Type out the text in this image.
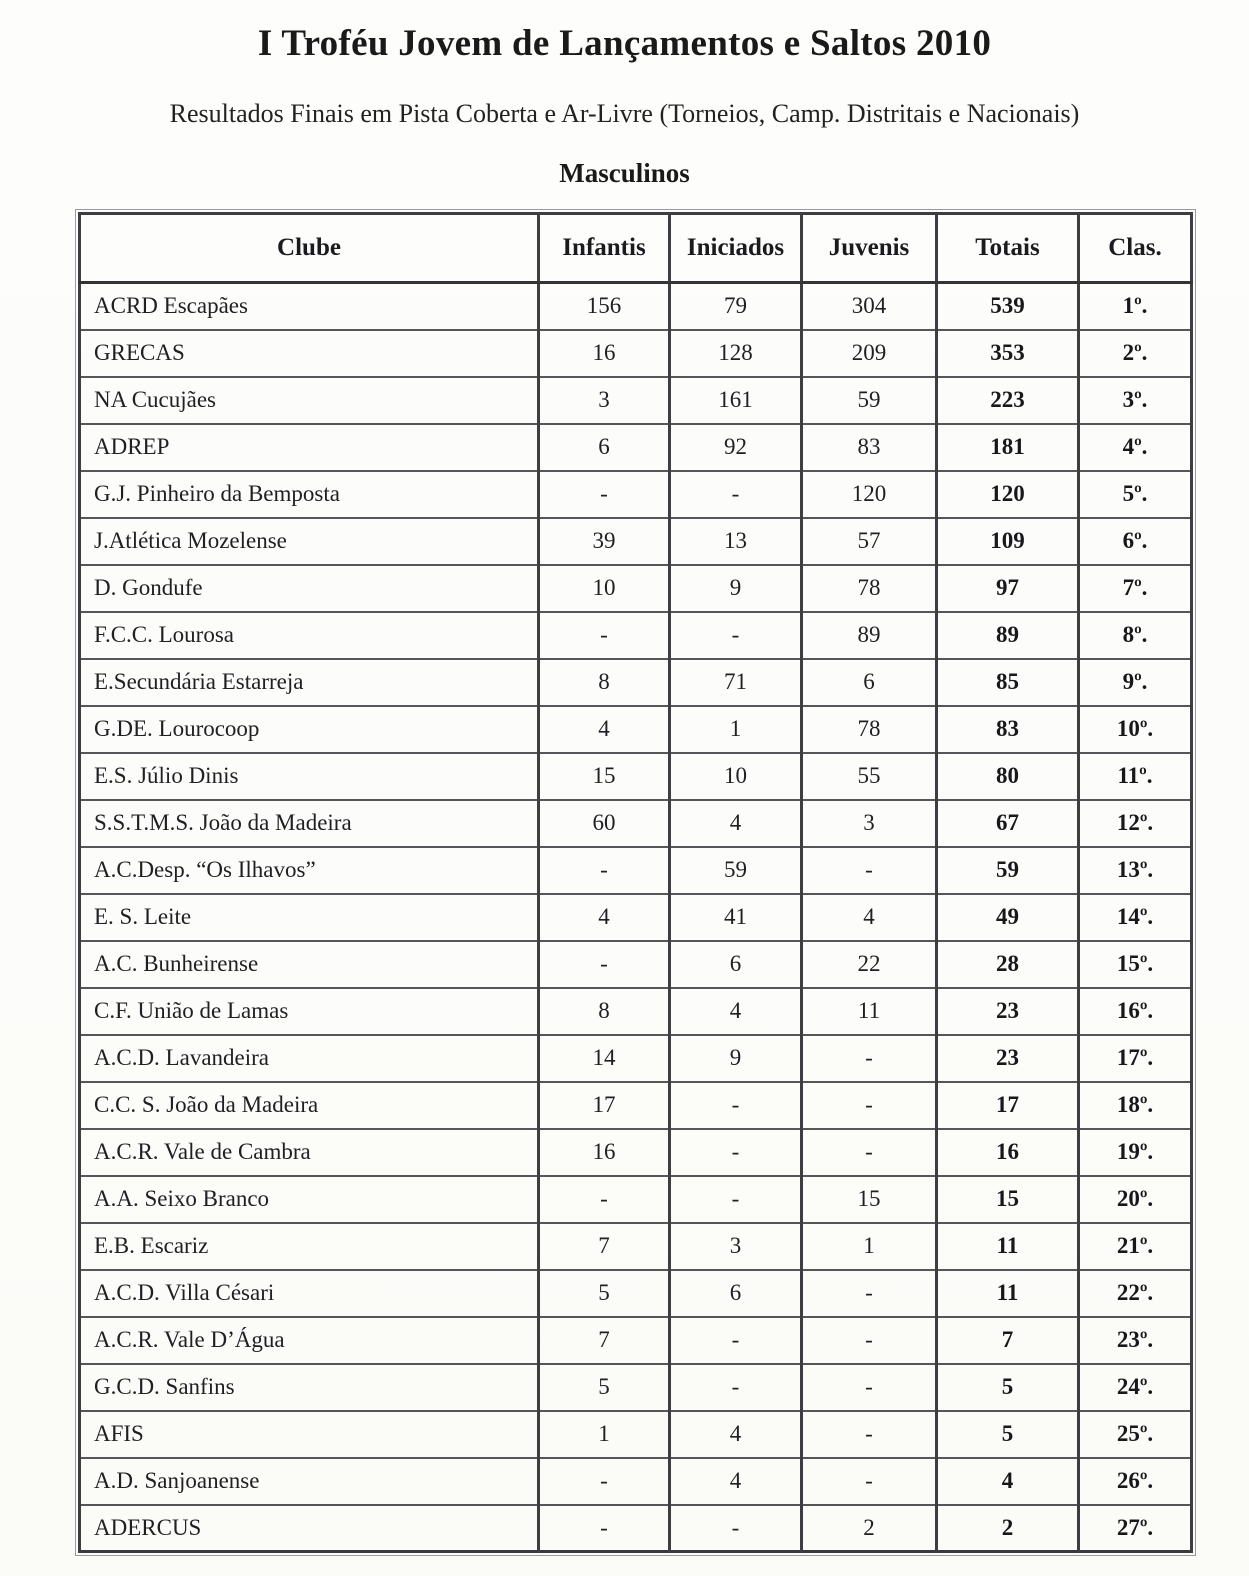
I Troféu Jovem de Lançamentos e Saltos 2010

Resultados Finais em Pista Coberta e Ar-Livre (Torneios, Camp. Distritais e Nacionais)

Masculinos
Clube	Infantis	Iniciados	Juvenis	Totais	Clas.
ACRD Escapães	156	79	304	539	1º.
GRECAS	16	128	209	353	2º.
NA Cucujães	3	161	59	223	3º.
ADREP	6	92	83	181	4º.
G.J. Pinheiro da Bemposta	-	-	120	120	5º.
J.Atlética Mozelense	39	13	57	109	6º.
D. Gondufe	10	9	78	97	7º.
F.C.C. Lourosa	-	-	89	89	8º.
E.Secundária Estarreja	8	71	6	85	9º.
G.DE. Lourocoop	4	1	78	83	10º.
E.S. Júlio Dinis	15	10	55	80	11º.
S.S.T.M.S. João da Madeira	60	4	3	67	12º.
A.C.Desp. “Os Ilhavos”	-	59	-	59	13º.
E. S. Leite	4	41	4	49	14º.
A.C. Bunheirense	-	6	22	28	15º.
C.F. União de Lamas	8	4	11	23	16º.
A.C.D. Lavandeira	14	9	-	23	17º.
C.C. S. João da Madeira	17	-	-	17	18º.
A.C.R. Vale de Cambra	16	-	-	16	19º.
A.A. Seixo Branco	-	-	15	15	20º.
E.B. Escariz	7	3	1	11	21º.
A.C.D. Villa Césari	5	6	-	11	22º.
A.C.R. Vale D’Água	7	-	-	7	23º.
G.C.D. Sanfins	5	-	-	5	24º.
AFIS	1	4	-	5	25º.
A.D. Sanjoanense	-	4	-	4	26º.
ADERCUS	-	-	2	2	27º.
